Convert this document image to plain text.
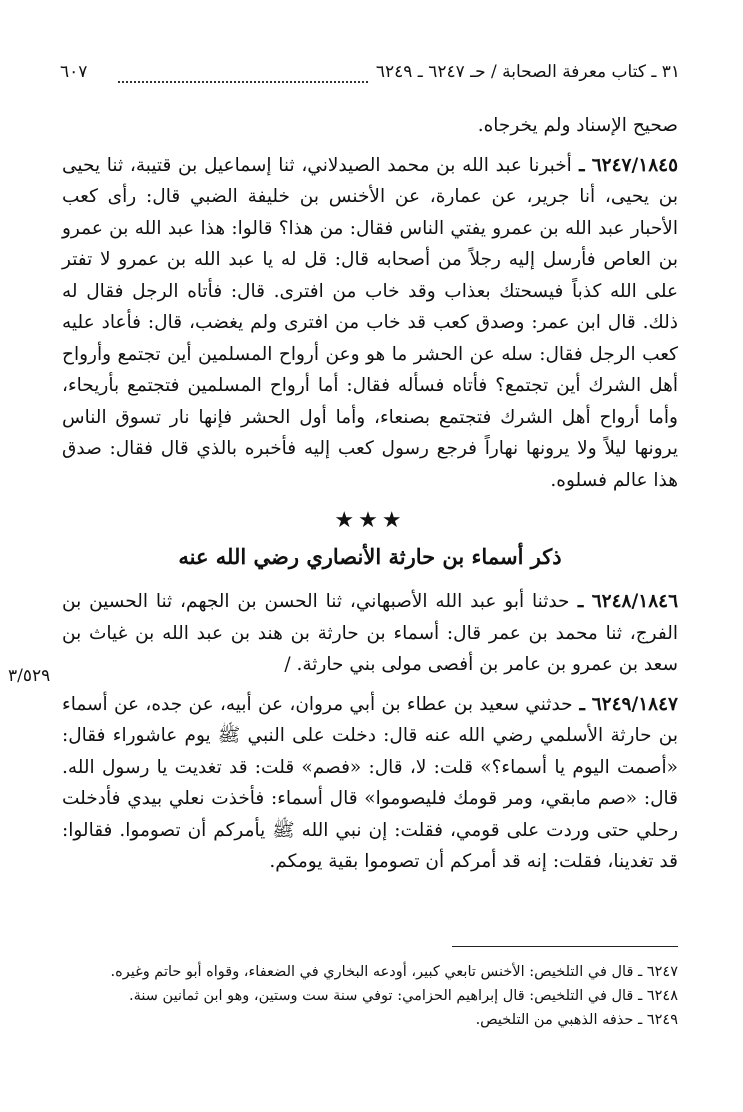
٦٠٧	٣١ ـ كتاب معرفة الصحابة / حـ ٦٢٤٧ ـ ٦٢٤٩

صحيح الإسناد ولم يخرجاه.

٦٢٤٧/١٨٤٥ ـ أخبرنا عبد الله بن محمد الصيدلاني، ثنا إسماعيل بن قتيبة، ثنا يحيى بن يحيى، أنا جرير، عن عمارة، عن الأخنس بن خليفة الضبي قال: رأى كعب الأحبار عبد الله بن عمرو يفتي الناس فقال: من هذا؟ قالوا: هذا عبد الله بن عمرو بن العاص فأرسل إليه رجلاً من أصحابه قال: قل له يا عبد الله بن عمرو لا تفتر على الله كذباً فيسحتك بعذاب وقد خاب من افترى. قال: فأتاه الرجل فقال له ذلك. قال ابن عمر: وصدق كعب قد خاب من افترى ولم يغضب، قال: فأعاد عليه كعب الرجل فقال: سله عن الحشر ما هو وعن أرواح المسلمين أين تجتمع وأرواح أهل الشرك أين تجتمع؟ فأتاه فسأله فقال: أما أرواح المسلمين فتجتمع بأريحاء، وأما أرواح أهل الشرك فتجتمع بصنعاء، وأما أول الحشر فإنها نار تسوق الناس يرونها ليلاً ولا يرونها نهاراً فرجع رسول كعب إليه فأخبره بالذي قال فقال: صدق هذا عالم فسلوه.

★★★
ذكر أسماء بن حارثة الأنصاري رضي الله عنه

٦٢٤٨/١٨٤٦ ـ حدثنا أبو عبد الله الأصبهاني، ثنا الحسن بن الجهم، ثنا الحسين بن الفرج، ثنا محمد بن عمر قال: أسماء بن حارثة بن هند بن عبد الله بن غياث بن سعد بن عمرو بن عامر بن أفصى مولى بني حارثة. /

٦٢٤٩/١٨٤٧ ـ حدثني سعيد بن عطاء بن أبي مروان، عن أبيه، عن جده، عن أسماء بن حارثة الأسلمي رضي الله عنه قال: دخلت على النبي ﷺ يوم عاشوراء فقال: «أصمت اليوم يا أسماء؟» قلت: لا، قال: «فصم» قلت: قد تغديت يا رسول الله. قال: «صم مابقي، ومر قومك فليصوموا» قال أسماء: فأخذت نعلي بيدي فأدخلت رحلي حتى وردت على قومي، فقلت: إن نبي الله ﷺ يأمركم أن تصوموا. فقالوا: قد تغدينا، فقلت: إنه قد أمركم أن تصوموا بقية يومكم.

٣/٥٢٩

٦٢٤٧ ـ قال في التلخيص: الأخنس تابعي كبير، أودعه البخاري في الضعفاء، وقواه أبو حاتم وغيره.

٦٢٤٨ ـ قال في التلخيص: قال إبراهيم الحزامي: توفي سنة ست وستين، وهو ابن ثمانين سنة.

٦٢٤٩ ـ حذفه الذهبي من التلخيص.
